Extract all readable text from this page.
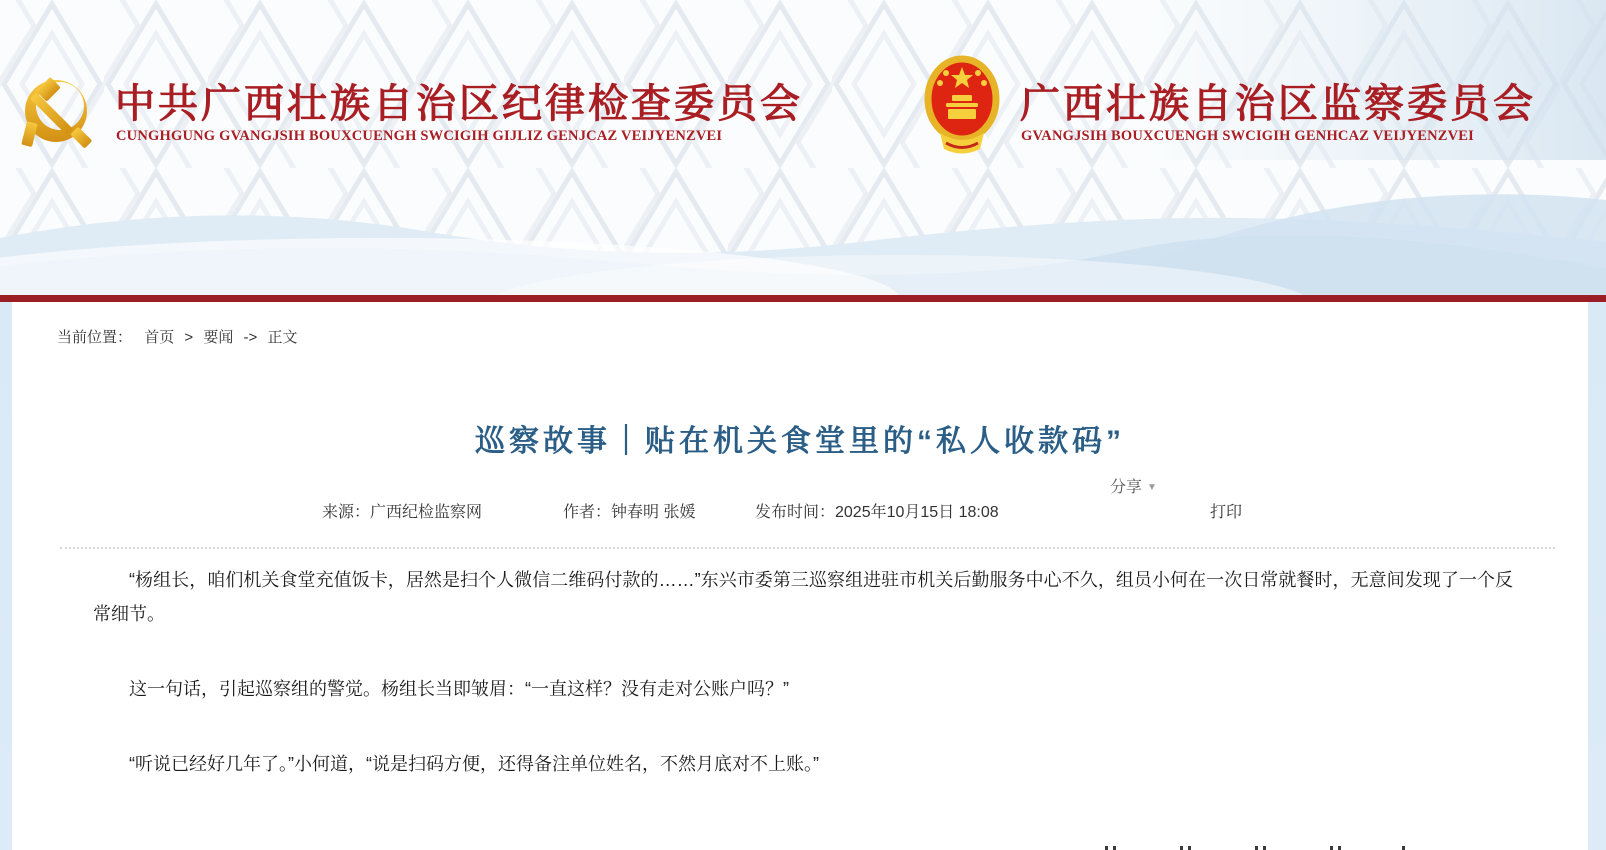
中共广西壮族自治区纪律检查委员会
CUNGHGUNG GVANGJSIH BOUXCUENGH SWCIGIH GIJLIZ GENJCAZ VEIJYENZVEI
广西壮族自治区监察委员会
GVANGJSIH BOUXCUENGH SWCIGIH GENHCAZ VEIJYENZVEI
当前位置： 首页 > 要闻 -> 正文
巡察故事｜贴在机关食堂里的“私人收款码”
分享 ▼
来源：广西纪检监察网	作者：钟春明 张媛	发布时间：2025年10月15日 18:08	打印

“杨组长，咱们机关食堂充值饭卡，居然是扫个人微信二维码付款的……”东兴市委第三巡察组进驻市机关后勤服务中心不久，组员小何在一次日常就餐时，无意间发现了一个反常细节。

这一句话，引起巡察组的警觉。杨组长当即皱眉：“一直这样？没有走对公账户吗？”

“听说已经好几年了。”小何道，“说是扫码方便，还得备注单位姓名，不然月底对不上账。”
